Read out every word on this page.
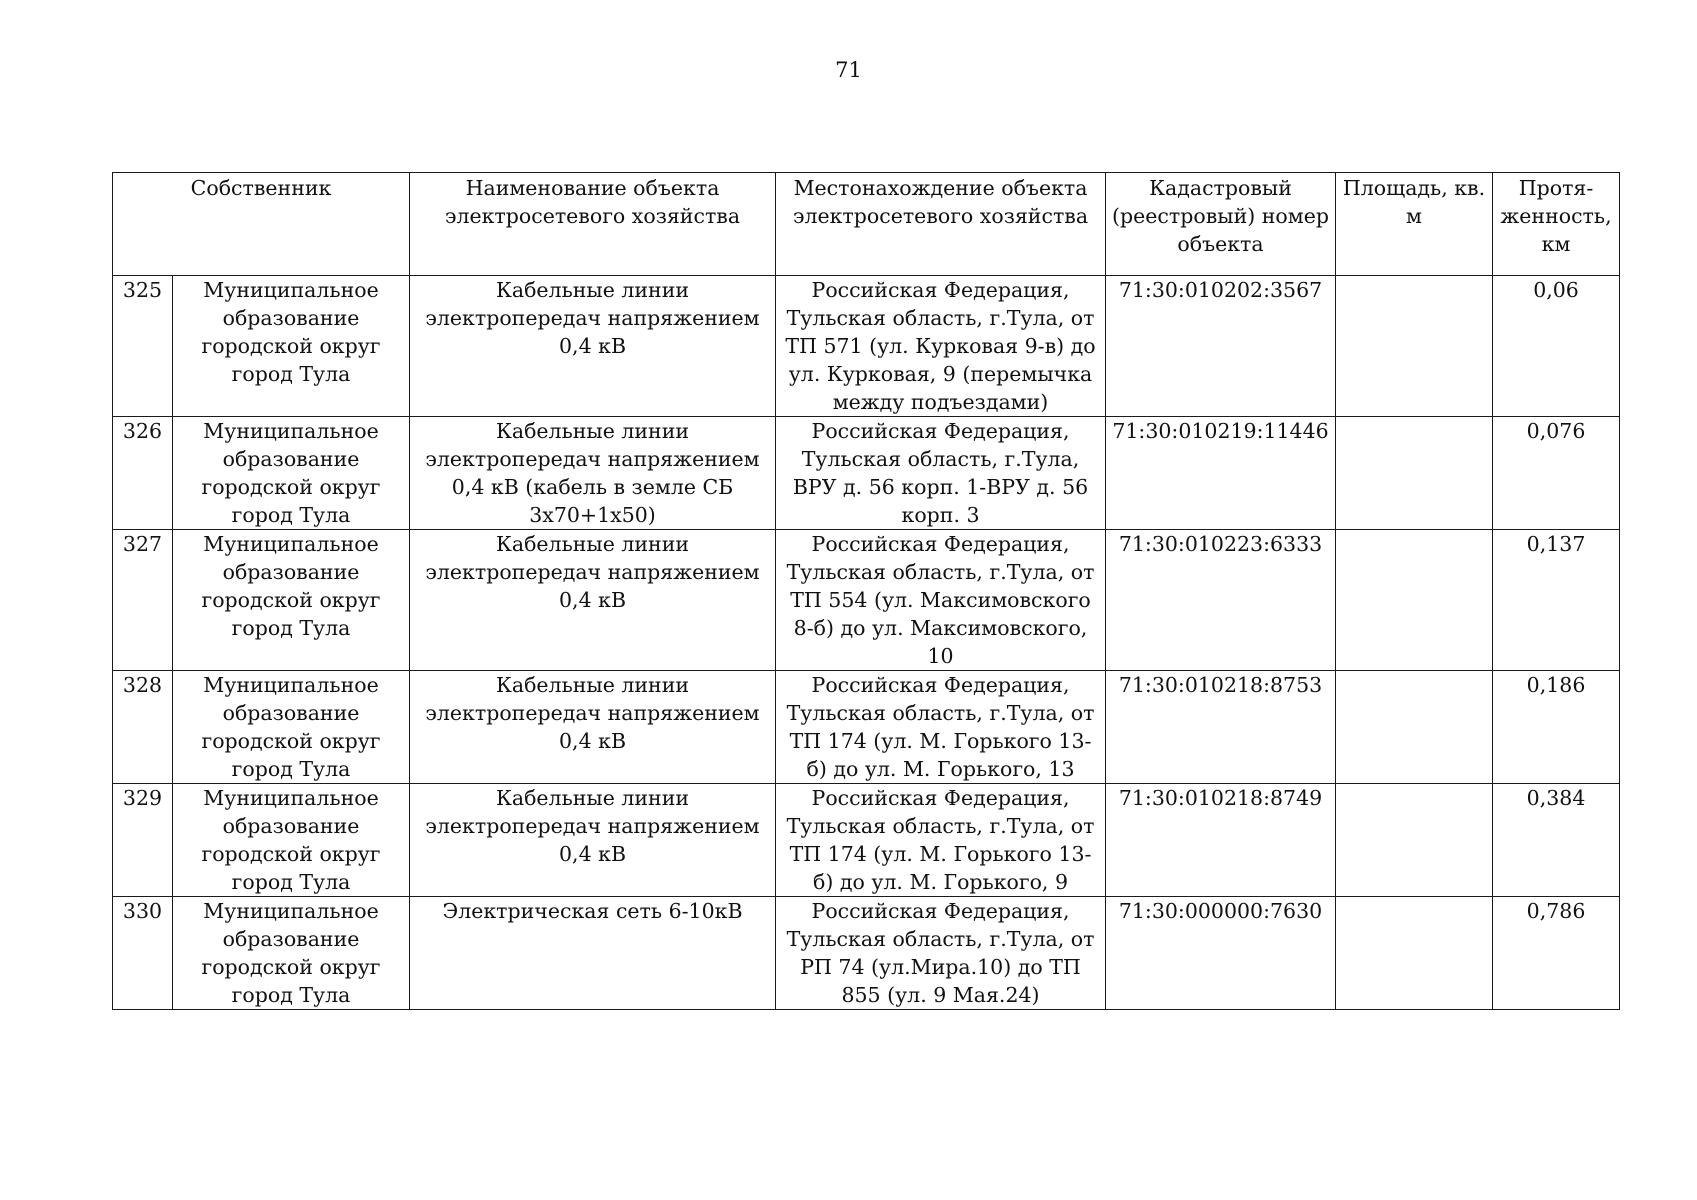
71
Собственник		Наименование объекта электросетевого хозяйства	Местонахождение объекта электросетевого хозяйства	Кадастровый (реестровый) номер объекта	Площадь, кв. м	Протя-женность, км
325	Муниципальное образование городской округ город Тула	Кабельные линии электропередач напряжением 0,4 кВ	Российская Федерация, Тульская область, г.Тула, от ТП 571 (ул. Курковая 9-в) до ул. Курковая, 9 (перемычка между подъездами)	71:30:010202:3567		0,06
326	Муниципальное образование городской округ город Тула	Кабельные линии электропередач напряжением 0,4 кВ (кабель в земле СБ 3х70+1х50)	Российская Федерация, Тульская область, г.Тула, ВРУ д. 56 корп. 1-ВРУ д. 56 корп. 3	71:30:010219:11446		0,076
327	Муниципальное образование городской округ город Тула	Кабельные линии электропередач напряжением 0,4 кВ	Российская Федерация, Тульская область, г.Тула, от ТП 554 (ул. Максимовского 8-б) до ул. Максимовского, 10	71:30:010223:6333		0,137
328	Муниципальное образование городской округ город Тула	Кабельные линии электропередач напряжением 0,4 кВ	Российская Федерация, Тульская область, г.Тула, от ТП 174 (ул. М. Горького 13-б) до ул. М. Горького, 13	71:30:010218:8753		0,186
329	Муниципальное образование городской округ город Тула	Кабельные линии электропередач напряжением 0,4 кВ	Российская Федерация, Тульская область, г.Тула, от ТП 174 (ул. М. Горького 13-б) до ул. М. Горького, 9	71:30:010218:8749		0,384
330	Муниципальное образование городской округ город Тула	Электрическая сеть 6-10кВ	Российская Федерация, Тульская область, г.Тула, от РП 74 (ул.Мира.10) до ТП 855 (ул. 9 Мая.24)	71:30:000000:7630		0,786
